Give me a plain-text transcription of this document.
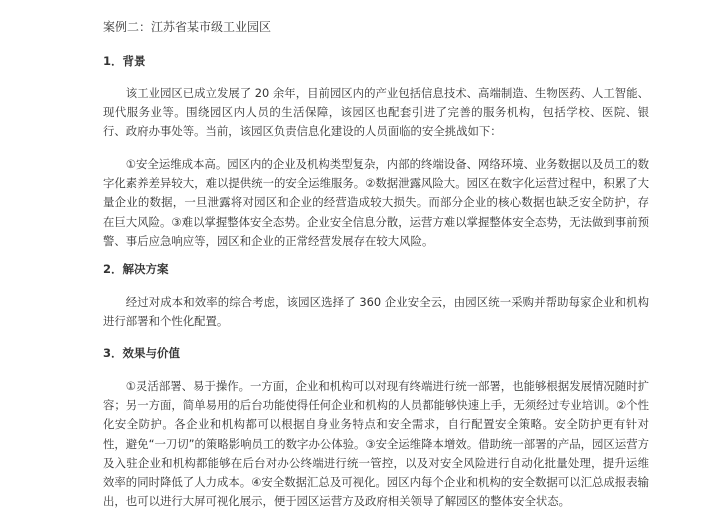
案例二：江苏省某市级工业园区
1．背景

该工业园区已成立发展了 20 余年，目前园区内的产业包括信息技术、高端制造、生物医药、人工智能、现代服务业等。围绕园区内人员的生活保障，该园区也配套引进了完善的服务机构，包括学校、医院、银行、政府办事处等。当前，该园区负责信息化建设的人员面临的安全挑战如下：

①安全运维成本高。园区内的企业及机构类型复杂，内部的终端设备、网络环境、业务数据以及员工的数字化素养差异较大，难以提供统一的安全运维服务。②数据泄露风险大。园区在数字化运营过程中，积累了大量企业的数据，一旦泄露将对园区和企业的经营造成较大损失。而部分企业的核心数据也缺乏安全防护，存在巨大风险。③难以掌握整体安全态势。企业安全信息分散，运营方难以掌握整体安全态势，无法做到事前预警、事后应急响应等，园区和企业的正常经营发展存在较大风险。

2．解决方案

经过对成本和效率的综合考虑，该园区选择了 360 企业安全云，由园区统一采购并帮助每家企业和机构进行部署和个性化配置。

3．效果与价值

①灵活部署、易于操作。一方面，企业和机构可以对现有终端进行统一部署，也能够根据发展情况随时扩容；另一方面，简单易用的后台功能使得任何企业和机构的人员都能够快速上手，无须经过专业培训。②个性化安全防护。各企业和机构都可以根据自身业务特点和安全需求，自行配置安全策略。安全防护更有针对性，避免“一刀切”的策略影响员工的数字办公体验。③安全运维降本增效。借助统一部署的产品，园区运营方及入驻企业和机构都能够在后台对办公终端进行统一管控，以及对安全风险进行自动化批量处理，提升运维效率的同时降低了人力成本。④安全数据汇总及可视化。园区内每个企业和机构的安全数据可以汇总成报表输出，也可以进行大屏可视化展示，便于园区运营方及政府相关领导了解园区的整体安全状态。
